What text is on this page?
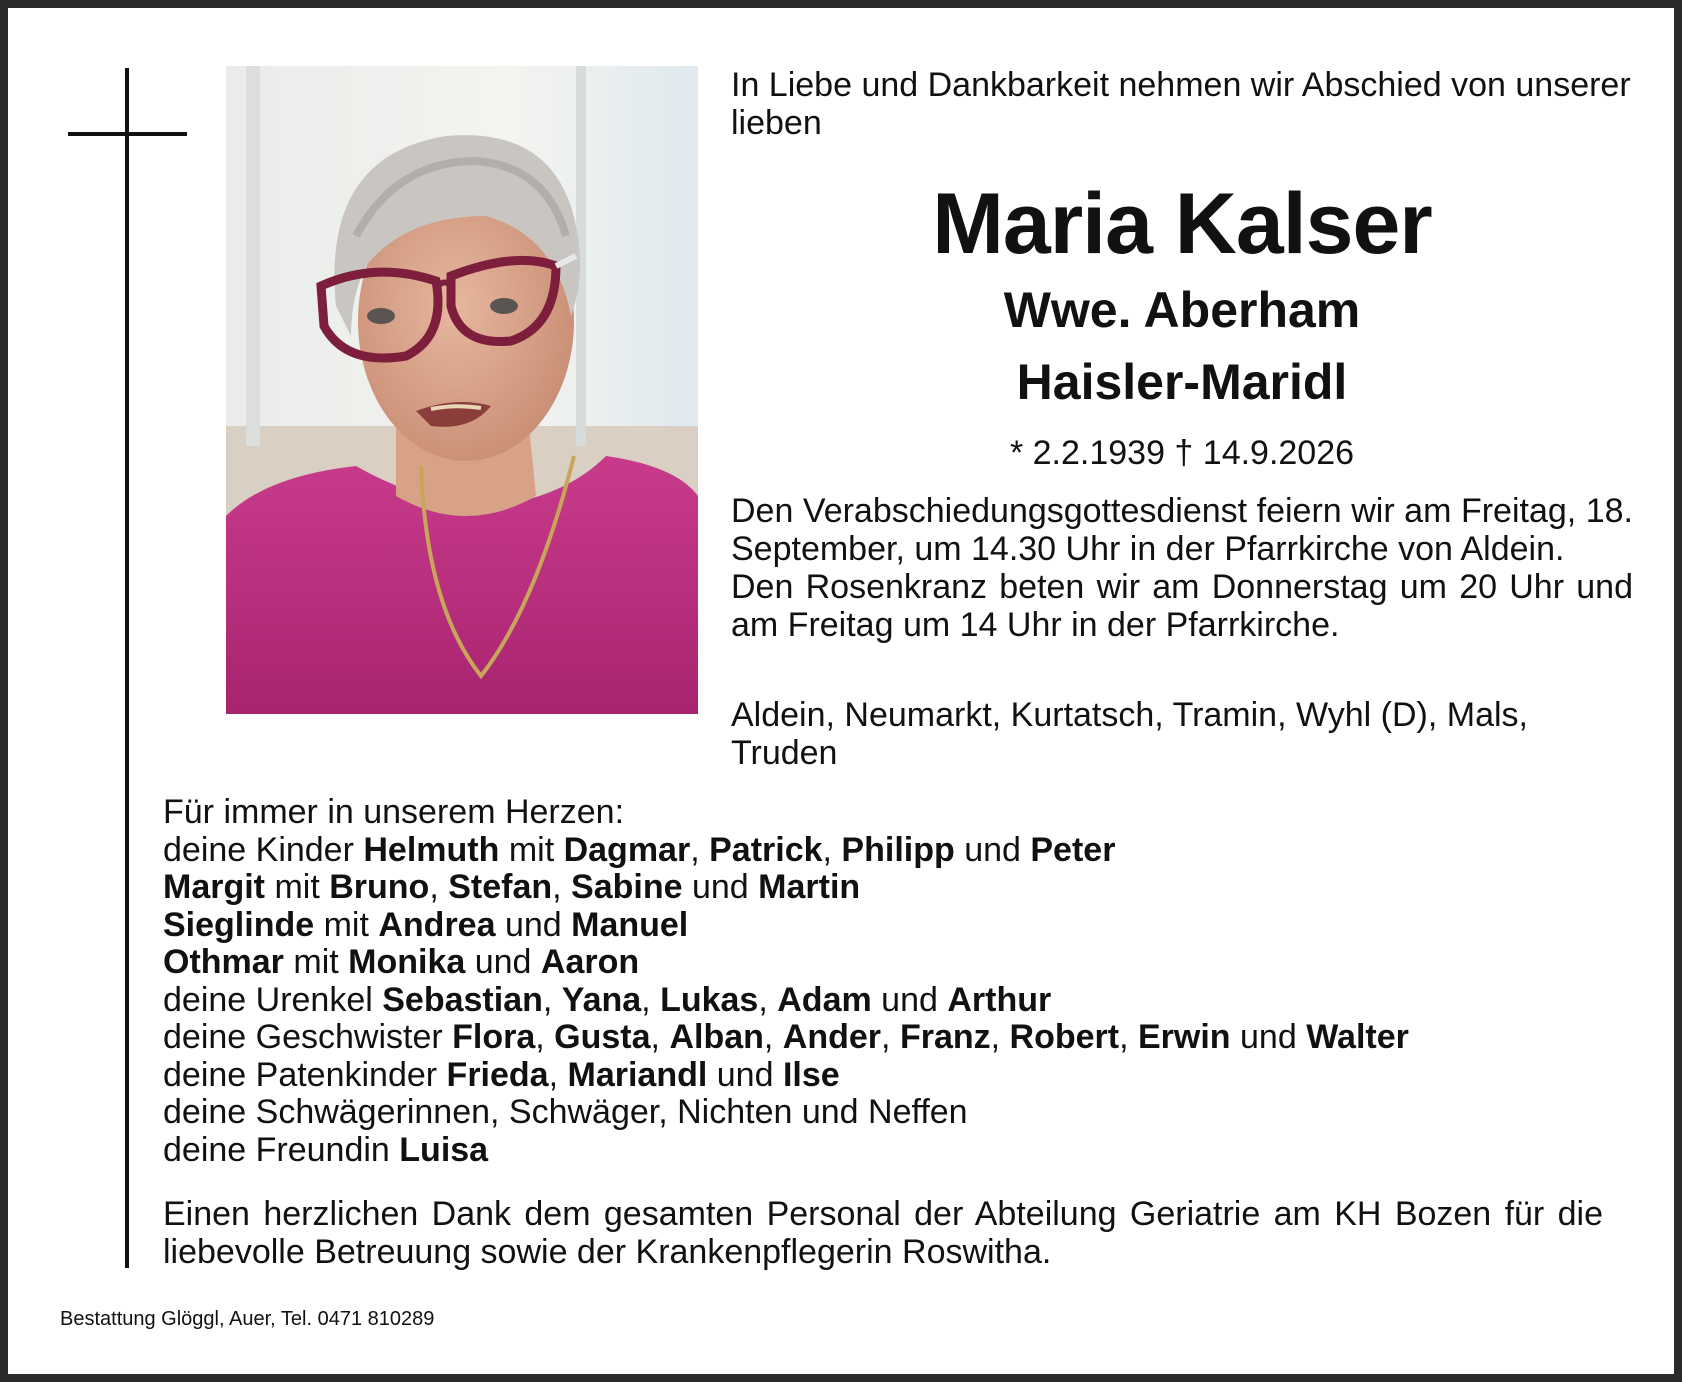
In Liebe und Dankbarkeit nehmen wir Abschied von unserer lieben
Maria Kalser
Wwe. Aberham
Haisler-Maridl
* 2.2.1939 † 14.9.2026

Den Verabschiedungsgottesdienst feiern wir am Freitag, 18. September, um 14.30 Uhr in der Pfarrkirche von Aldein.

Den Rosenkranz beten wir am Donnerstag um 20 Uhr und am Freitag um 14 Uhr in der Pfarrkirche.

Aldein, Neumarkt, Kurtatsch, Tramin, Wyhl (D), Mals, Truden
Für immer in unserem Herzen:
deine Kinder Helmuth mit Dagmar, Patrick, Philipp und Peter
Margit mit Bruno, Stefan, Sabine und Martin
Sieglinde mit Andrea und Manuel
Othmar mit Monika und Aaron
deine Urenkel Sebastian, Yana, Lukas, Adam und Arthur
deine Geschwister Flora, Gusta, Alban, Ander, Franz, Robert, Erwin und Walter
deine Patenkinder Frieda, Mariandl und Ilse
deine Schwägerinnen, Schwäger, Nichten und Neffen
deine Freundin Luisa
Einen herzlichen Dank dem gesamten Personal der Abteilung Geriatrie am KH Bozen für die liebevolle Betreuung sowie der Krankenpflegerin Roswitha.
Bestattung Glöggl, Auer, Tel. 0471 810289
